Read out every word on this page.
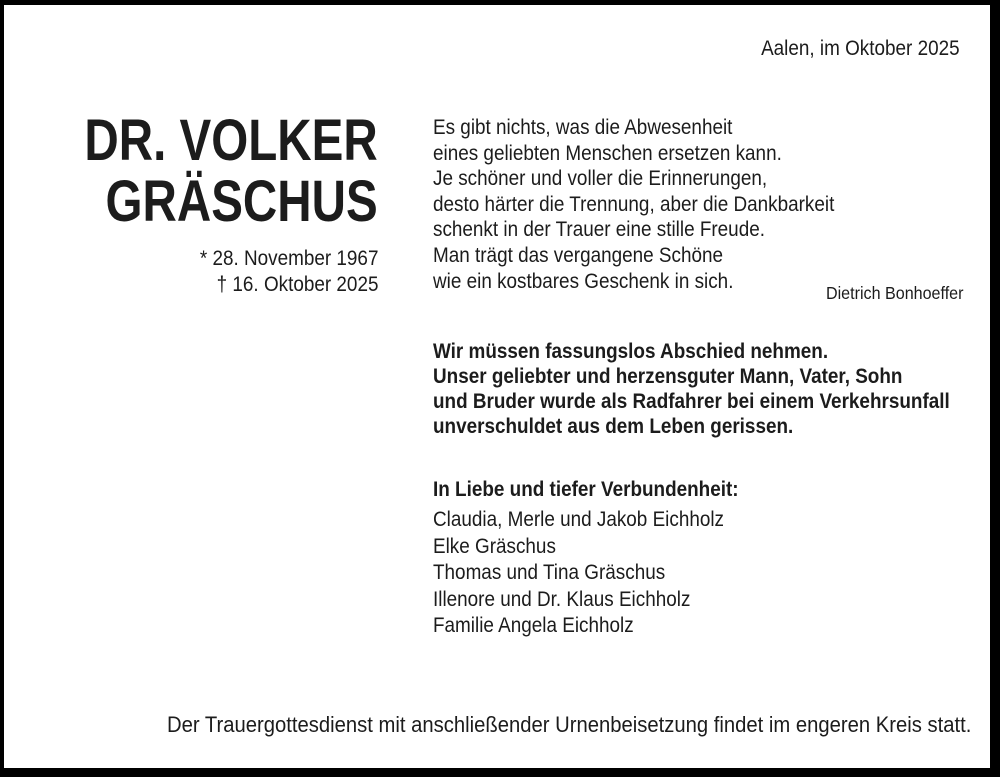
Aalen, im Oktober 2025
DR. VOLKER
GRÄSCHUS
* 28. November 1967
† 16. Oktober 2025
Es gibt nichts, was die Abwesenheit
eines geliebten Menschen ersetzen kann.
Je schöner und voller die Erinnerungen,
desto härter die Trennung, aber die Dankbarkeit
schenkt in der Trauer eine stille Freude.
Man trägt das vergangene Schöne
wie ein kostbares Geschenk in sich.
Dietrich Bonhoeffer
Wir müssen fassungslos Abschied nehmen.
Unser geliebter und herzensguter Mann, Vater, Sohn
und Bruder wurde als Radfahrer bei einem Verkehrsunfall
unverschuldet aus dem Leben gerissen.
In Liebe und tiefer Verbundenheit:
Claudia, Merle und Jakob Eichholz
Elke Gräschus
Thomas und Tina Gräschus
Illenore und Dr. Klaus Eichholz
Familie Angela Eichholz
Der Trauergottesdienst mit anschließender Urnenbeisetzung findet im engeren Kreis statt.
